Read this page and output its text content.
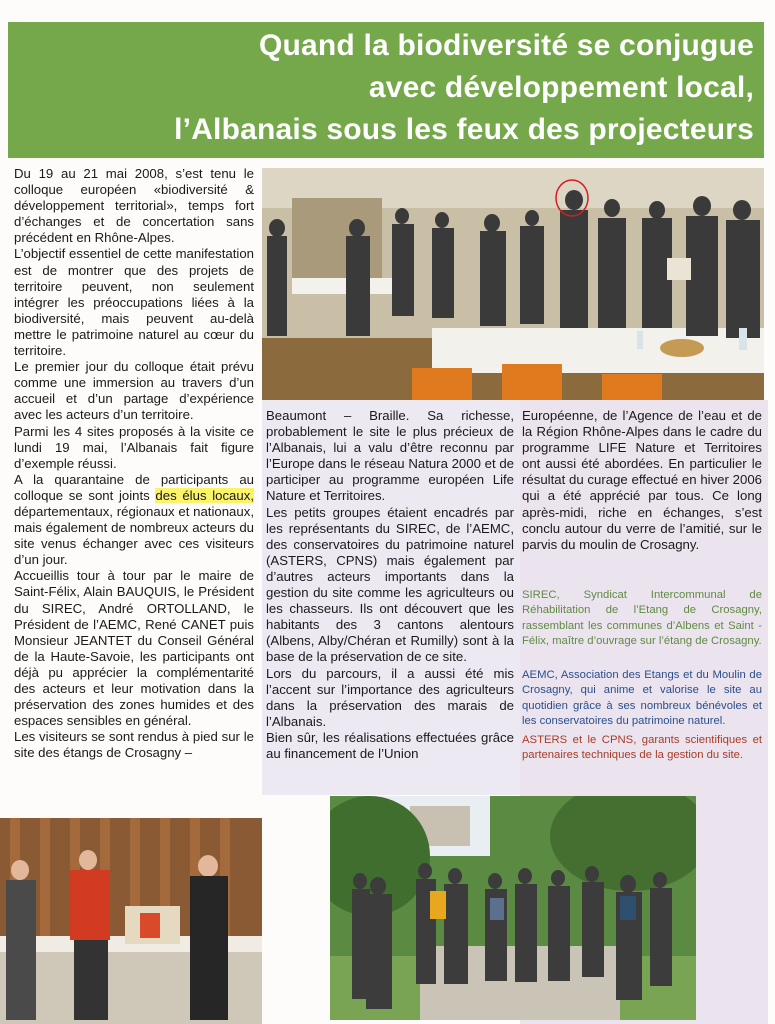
Quand la biodiversité se conjugue
avec développement local,
l’Albanais sous les feux des projecteurs

Du 19 au 21 mai 2008, s’est tenu le colloque européen «biodiversité & développement territorial», temps fort d’échanges et de concertation sans précédent en Rhône-Alpes.

L’objectif essentiel de cette manifestation est de montrer que des projets de territoire peuvent, non seulement intégrer les préoccupations liées à la biodiversité, mais peuvent au-delà mettre le patrimoine naturel au cœur du territoire.

Le premier jour du colloque était prévu comme une immersion au travers d’un accueil et d’un partage d’expérience avec les acteurs d’un territoire.

Parmi les 4 sites proposés à la visite ce lundi 19 mai, l’Albanais fait figure d’exemple réussi.

A la quarantaine de participants au colloque se sont joints des élus locaux, départementaux, régionaux et nationaux, mais également de nombreux acteurs du site venus échanger avec ces visiteurs d’un jour.

Accueillis tour à tour par le maire de Saint-Félix, Alain BAUQUIS, le Président du SIREC, André ORTOLLAND, le Président de l’AEMC, René CANET puis Monsieur JEANTET du Conseil Général de la Haute-Savoie, les participants ont déjà pu apprécier la complémentarité des acteurs et leur motivation dans la préservation des zones humides et des espaces sensibles en général.

Les visiteurs se sont rendus à pied sur le site des étangs de Crosagny –

Beaumont – Braille. Sa richesse, probablement le site le plus précieux de l’Albanais, lui a valu d’être reconnu par l’Europe dans le réseau Natura 2000 et de participer au programme européen Life Nature et Territoires.

Les petits groupes étaient encadrés par les représentants du SIREC, de l’AEMC, des conservatoires du patrimoine naturel (ASTERS, CPNS) mais également par d’autres acteurs importants dans la gestion du site comme les agriculteurs ou les chasseurs. Ils ont découvert que les habitants des 3 cantons alentours (Albens, Alby/Chéran et Rumilly) sont à la base de la préservation de ce site.

Lors du parcours, il a aussi été mis l’accent sur l’importance des agriculteurs dans la préservation des marais de l’Albanais.

Bien sûr, les réalisations effectuées grâce au financement de l’Union

Européenne, de l’Agence de l’eau et de la Région Rhône-Alpes dans le cadre du programme LIFE Nature et Territoires ont aussi été abordées. En particulier le résultat du curage effectué en hiver 2006 qui a été apprécié par tous. Ce long après-midi, riche en échanges, s’est conclu autour du verre de l’amitié, sur le parvis du moulin de Crosagny.

SIREC, Syndicat Intercommunal de Réhabilitation de l’Etang de Crosagny, rassemblant les communes d’Albens et Saint - Félix, maître d’ouvrage sur l’étang de Crosagny.
AEMC, Association des Etangs et du Moulin de Crosagny, qui anime et valorise le site au quotidien grâce à ses nombreux bénévoles et les conservatoires du patrimoine naturel.
ASTERS et le CPNS, garants scientifiques et partenaires techniques de la gestion du site.
